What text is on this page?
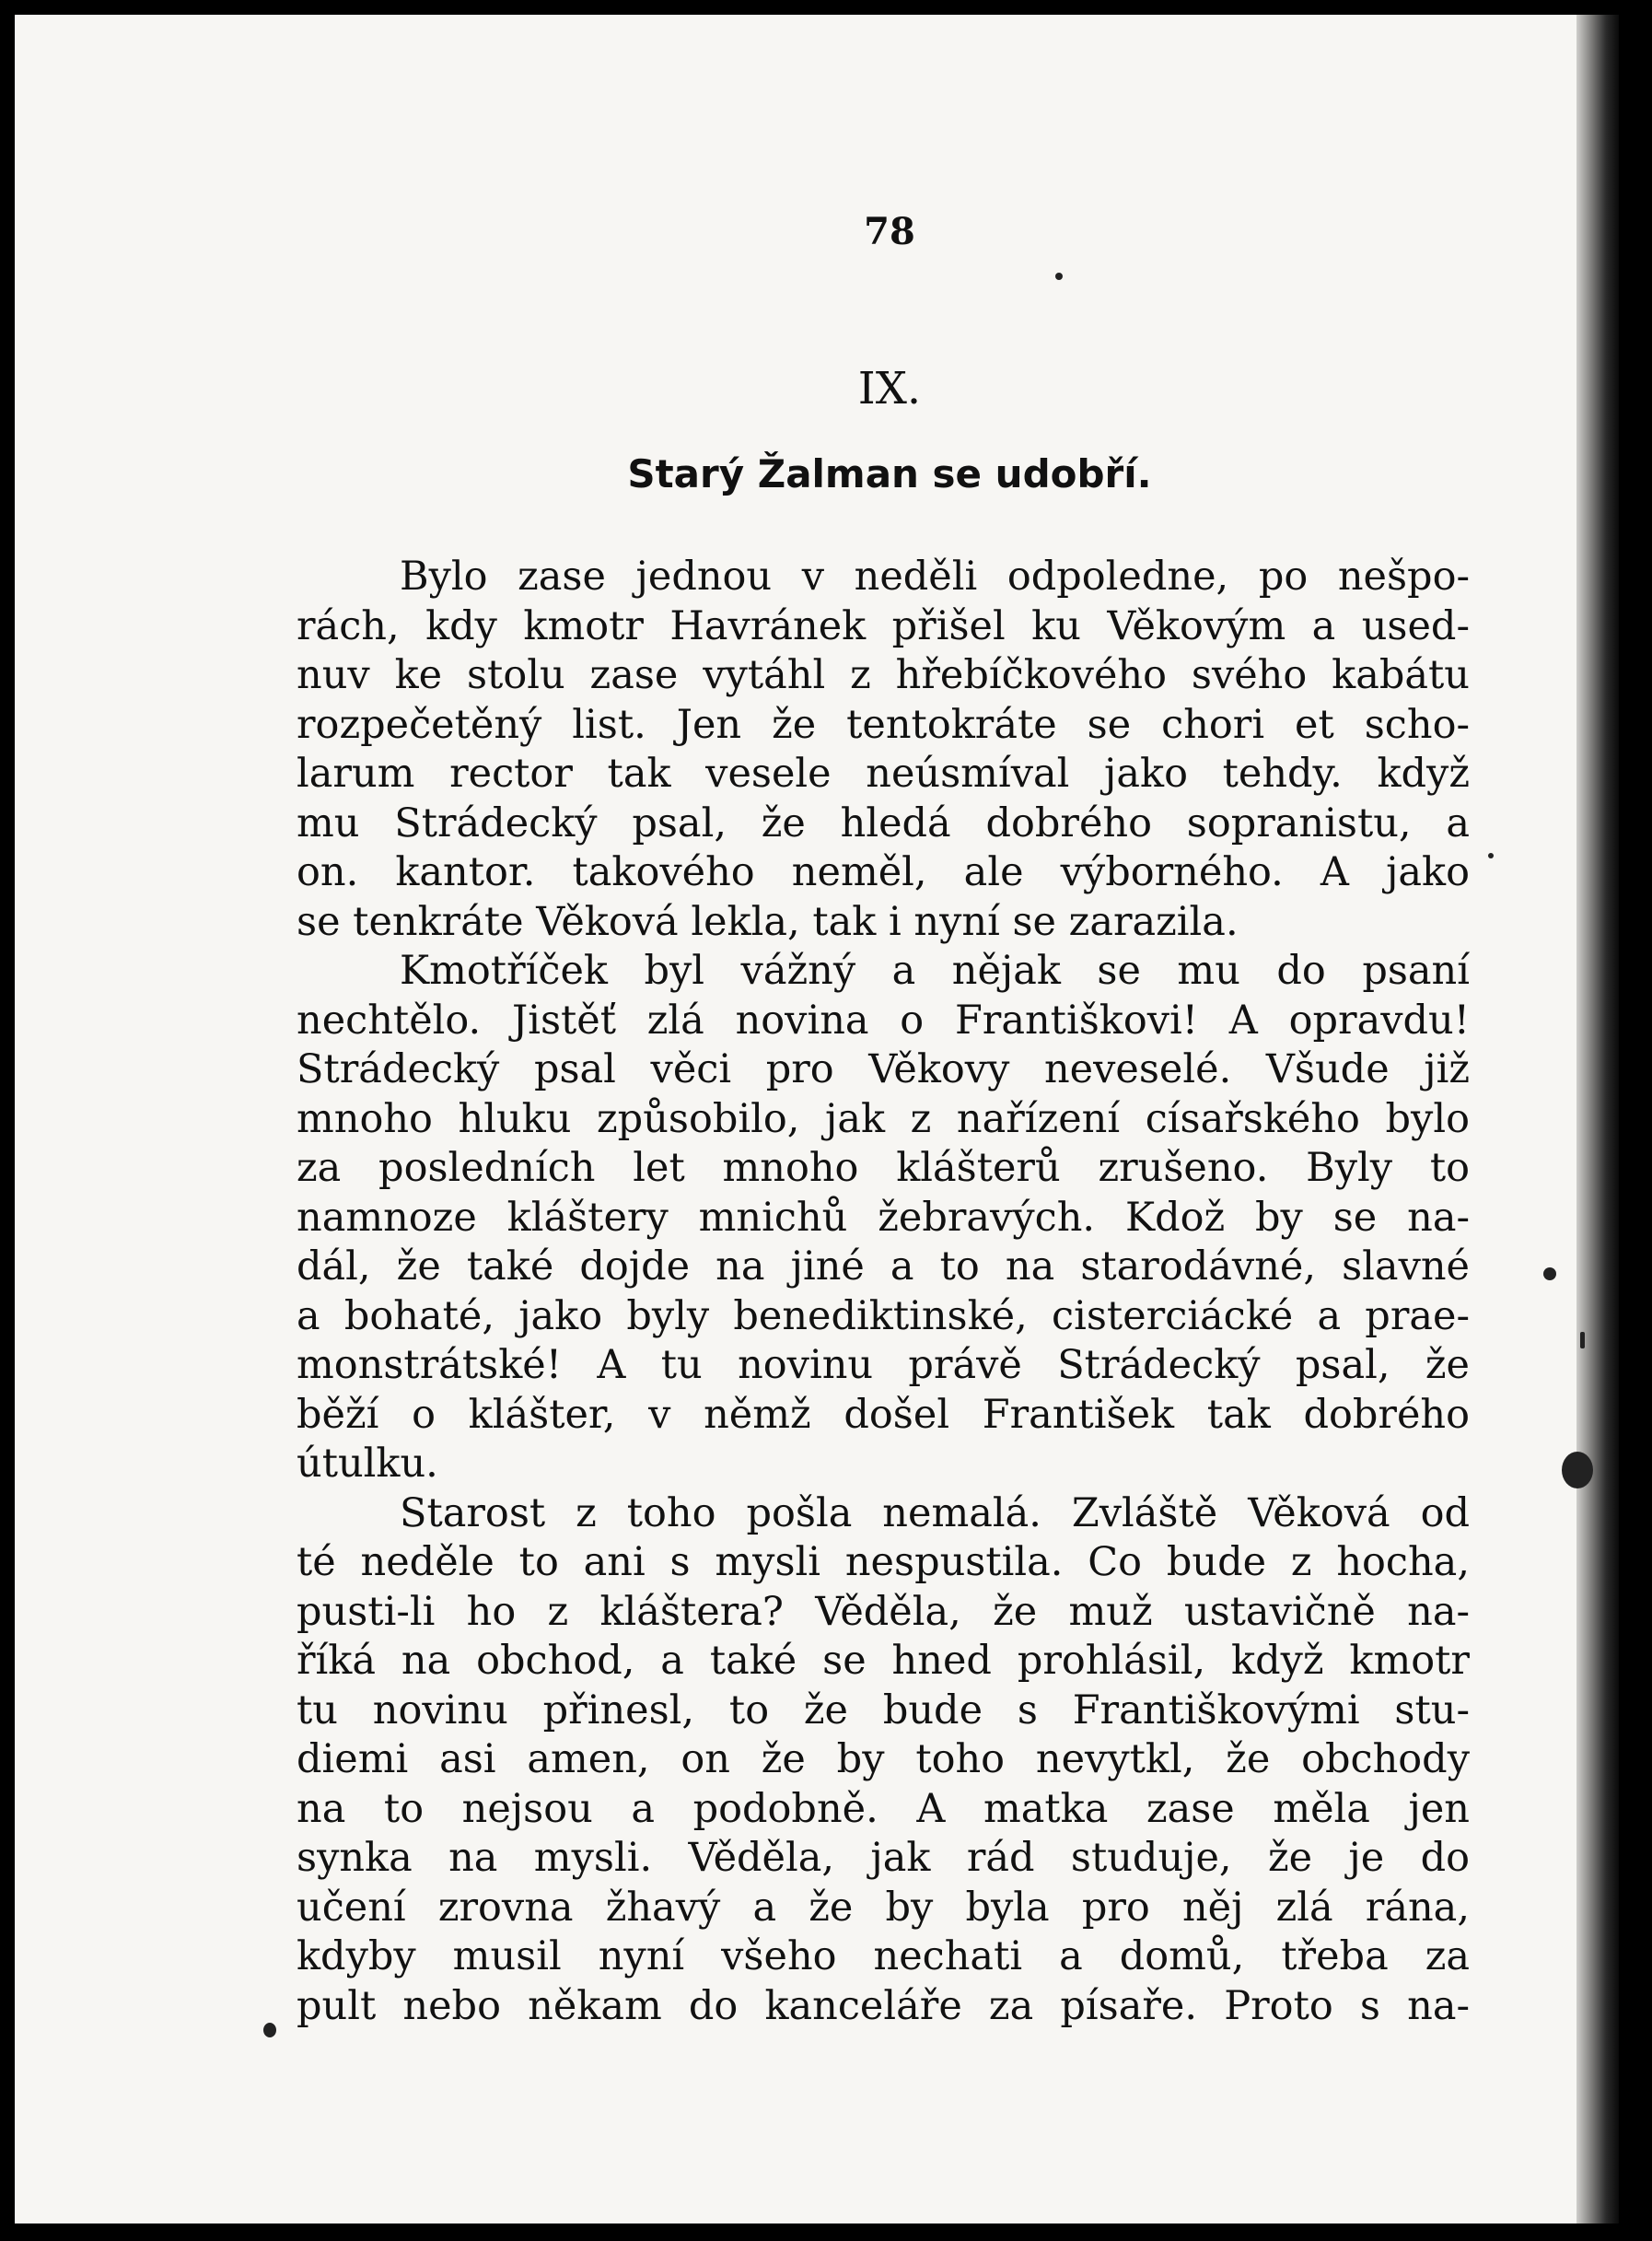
78
IX.
Starý Žalman se udobří.
Bylo zase jednou v neděli odpoledne, po nešpo-
rách, kdy kmotr Havránek přišel ku Věkovým a used-
nuv ke stolu zase vytáhl z hřebíčkového svého kabátu
rozpečetěný list. Jen že tentokráte se chori et scho-
larum rector tak vesele neúsmíval jako tehdy. když
mu Strádecký psal, že hledá dobrého sopranistu, a
on. kantor. takového neměl, ale výborného. A jako
se tenkráte Věková lekla, tak i nyní se zarazila.
Kmotříček byl vážný a nějak se mu do psaní
nechtělo. Jistěť zlá novina o Františkovi! A opravdu!
Strádecký psal věci pro Věkovy neveselé. Všude již
mnoho hluku způsobilo, jak z nařízení císařského bylo
za posledních let mnoho klášterů zrušeno. Byly to
namnoze kláštery mnichů žebravých. Kdož by se na-
dál, že také dojde na jiné a to na starodávné, slavné
a bohaté, jako byly benediktinské, cisterciácké a prae-
monstrátské! A tu novinu právě Strádecký psal, že
běží o klášter, v němž došel František tak dobrého
útulku.
Starost z toho pošla nemalá. Zvláště Věková od
té neděle to ani s mysli nespustila. Co bude z hocha,
pusti-li ho z kláštera? Věděla, že muž ustavičně na-
říká na obchod, a také se hned prohlásil, když kmotr
tu novinu přinesl, to že bude s Františkovými stu-
diemi asi amen, on že by toho nevytkl, že obchody
na to nejsou a podobně. A matka zase měla jen
synka na mysli. Věděla, jak rád studuje, že je do
učení zrovna žhavý a že by byla pro něj zlá rána,
kdyby musil nyní všeho nechati a domů, třeba za
pult nebo někam do kanceláře za písaře. Proto s na-
